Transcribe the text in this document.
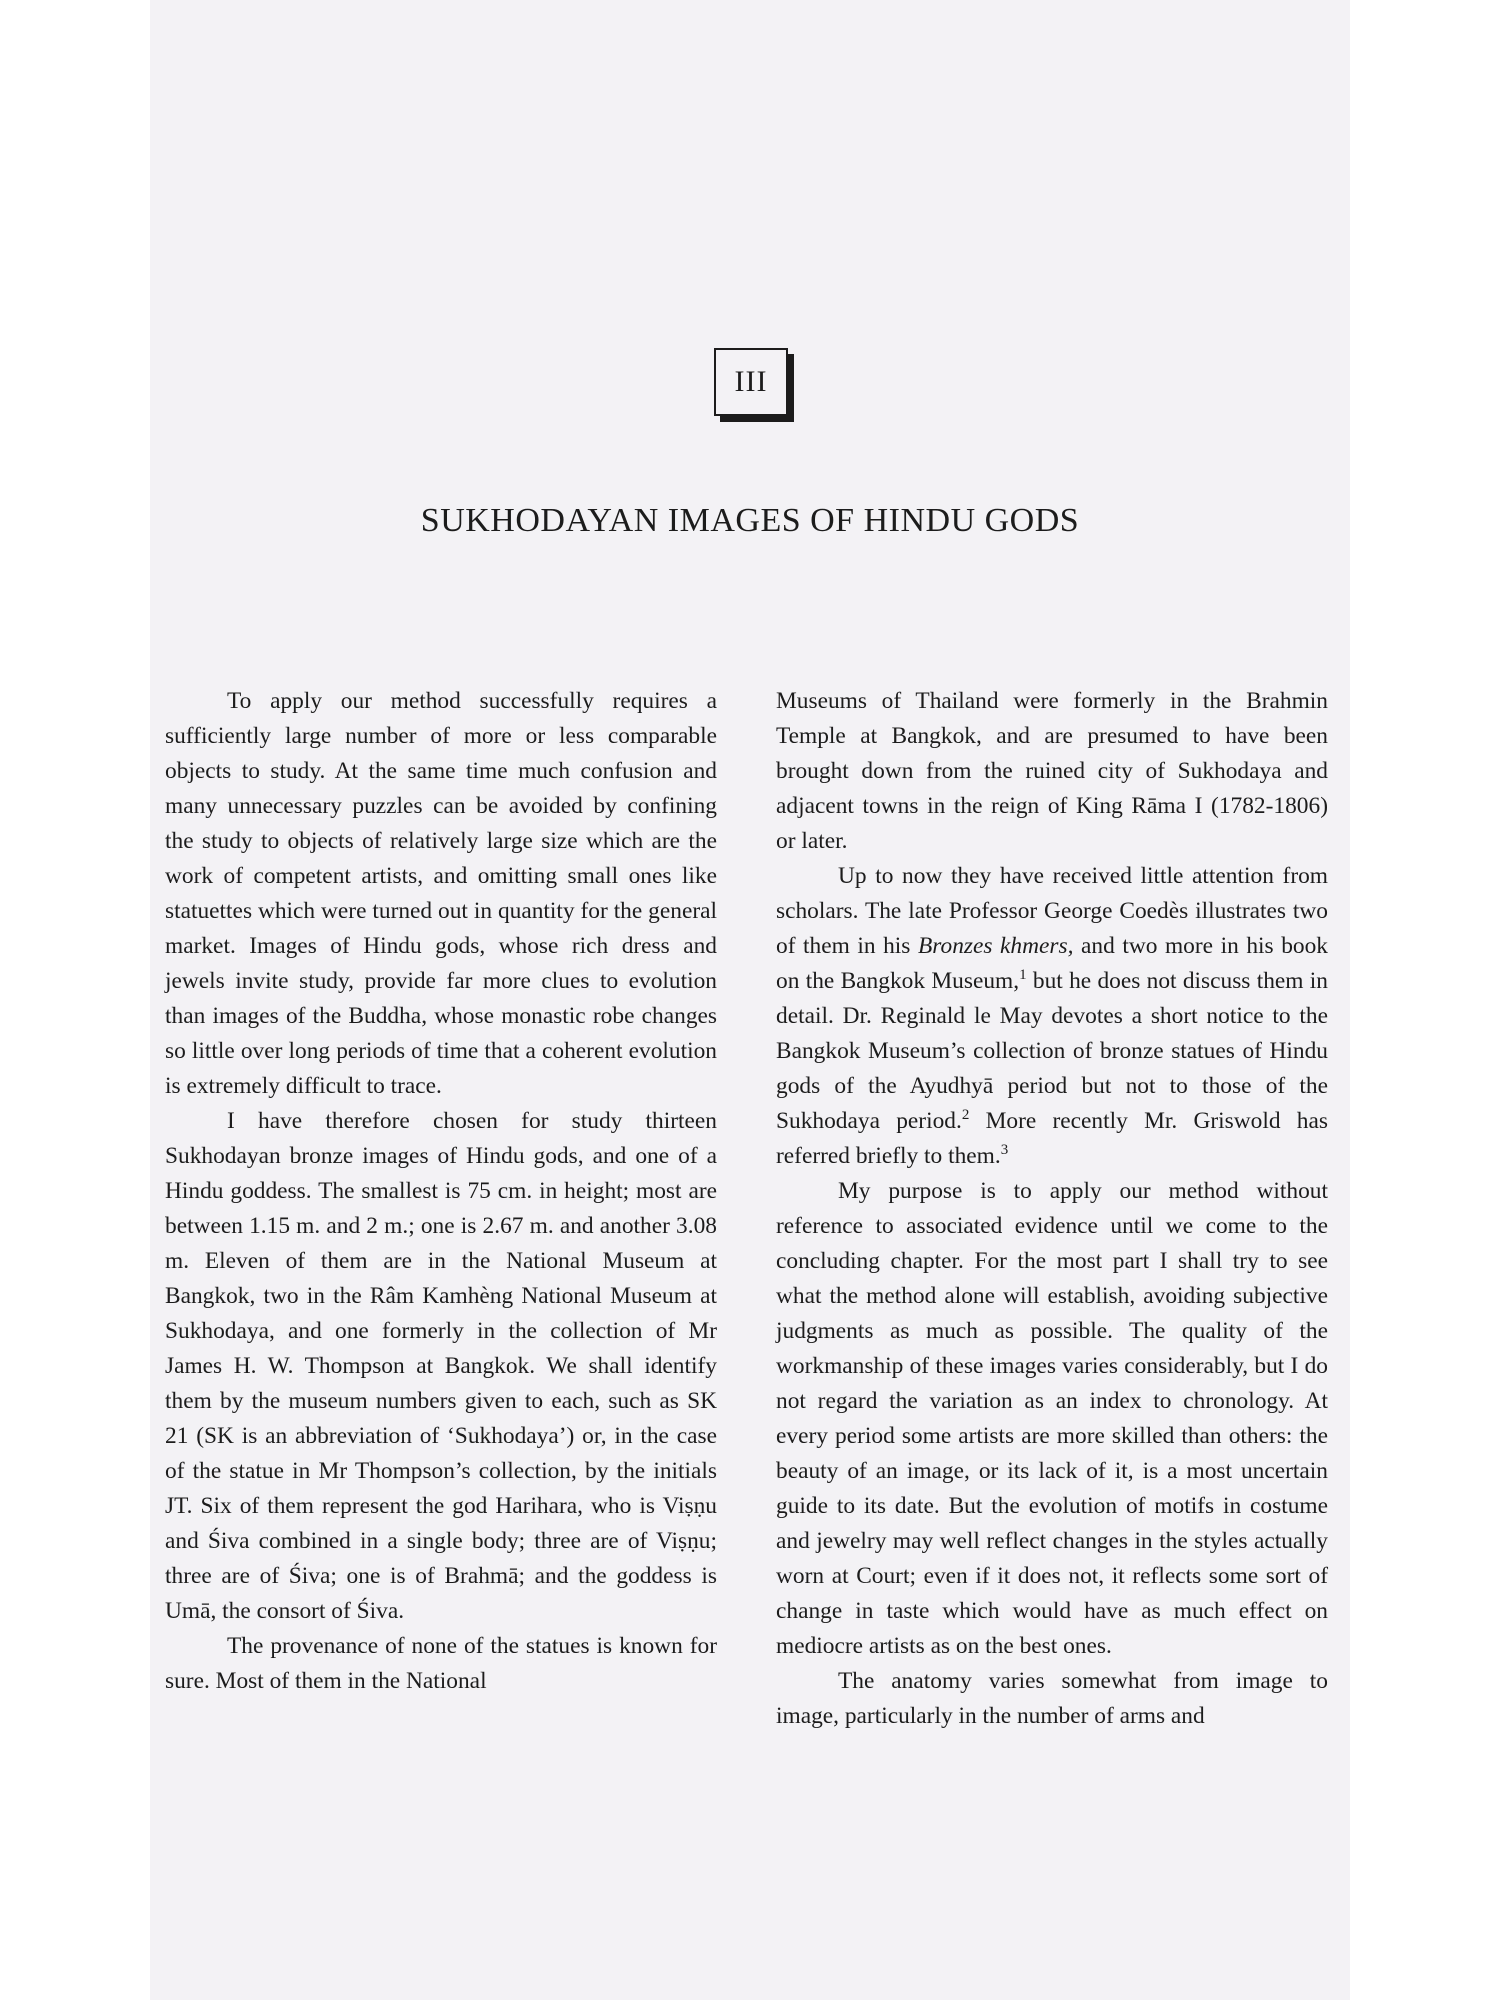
III
SUKHODAYAN IMAGES OF HINDU GODS

To apply our method successfully requires a sufficiently large number of more or less comparable objects to study. At the same time much confusion and many unnecessary puzzles can be avoided by confining the study to objects of relatively large size which are the work of competent artists, and omitting small ones like statuettes which were turned out in quantity for the general market. Images of Hindu gods, whose rich dress and jewels invite study, provide far more clues to evolution than images of the Buddha, whose monastic robe changes so little over long periods of time that a coherent evolution is extremely difficult to trace.

I have therefore chosen for study thirteen Sukhodayan bronze images of Hindu gods, and one of a Hindu goddess. The smallest is 75 cm. in height; most are between 1.15 m. and 2 m.; one is 2.67 m. and another 3.08 m. Eleven of them are in the National Museum at Bangkok, two in the Râm Kamhèng National Museum at Sukhodaya, and one formerly in the collection of Mr James H. W. Thompson at Bangkok. We shall identify them by the museum numbers given to each, such as SK 21 (SK is an abbreviation of ‘Sukhodaya’) or, in the case of the statue in Mr Thompson’s collection, by the initials JT. Six of them represent the god Harihara, who is Viṣṇu and Śiva combined in a single body; three are of Viṣṇu; three are of Śiva; one is of Brahmā; and the goddess is Umā, the consort of Śiva.

The provenance of none of the statues is known for sure. Most of them in the National

Museums of Thailand were formerly in the Brahmin Temple at Bangkok, and are presumed to have been brought down from the ruined city of Sukhodaya and adjacent towns in the reign of King Rāma I (1782-1806) or later.

Up to now they have received little attention from scholars. The late Professor George Coedès illustrates two of them in his Bronzes khmers, and two more in his book on the Bangkok Museum,$^1$ but he does not discuss them in detail. Dr. Reginald le May devotes a short notice to the Bangkok Museum’s collection of bronze statues of Hindu gods of the Ayudhyā period but not to those of the Sukhodaya period.$^2$ More recently Mr. Griswold has referred briefly to them.$^3$

My purpose is to apply our method without reference to associated evidence until we come to the concluding chapter. For the most part I shall try to see what the method alone will establish, avoiding subjective judgments as much as possible. The quality of the workmanship of these images varies considerably, but I do not regard the variation as an index to chronology. At every period some artists are more skilled than others: the beauty of an image, or its lack of it, is a most uncertain guide to its date. But the evolution of motifs in costume and jewelry may well reflect changes in the styles actually worn at Court; even if it does not, it reflects some sort of change in taste which would have as much effect on mediocre artists as on the best ones.

The anatomy varies somewhat from image to image, particularly in the number of arms and
